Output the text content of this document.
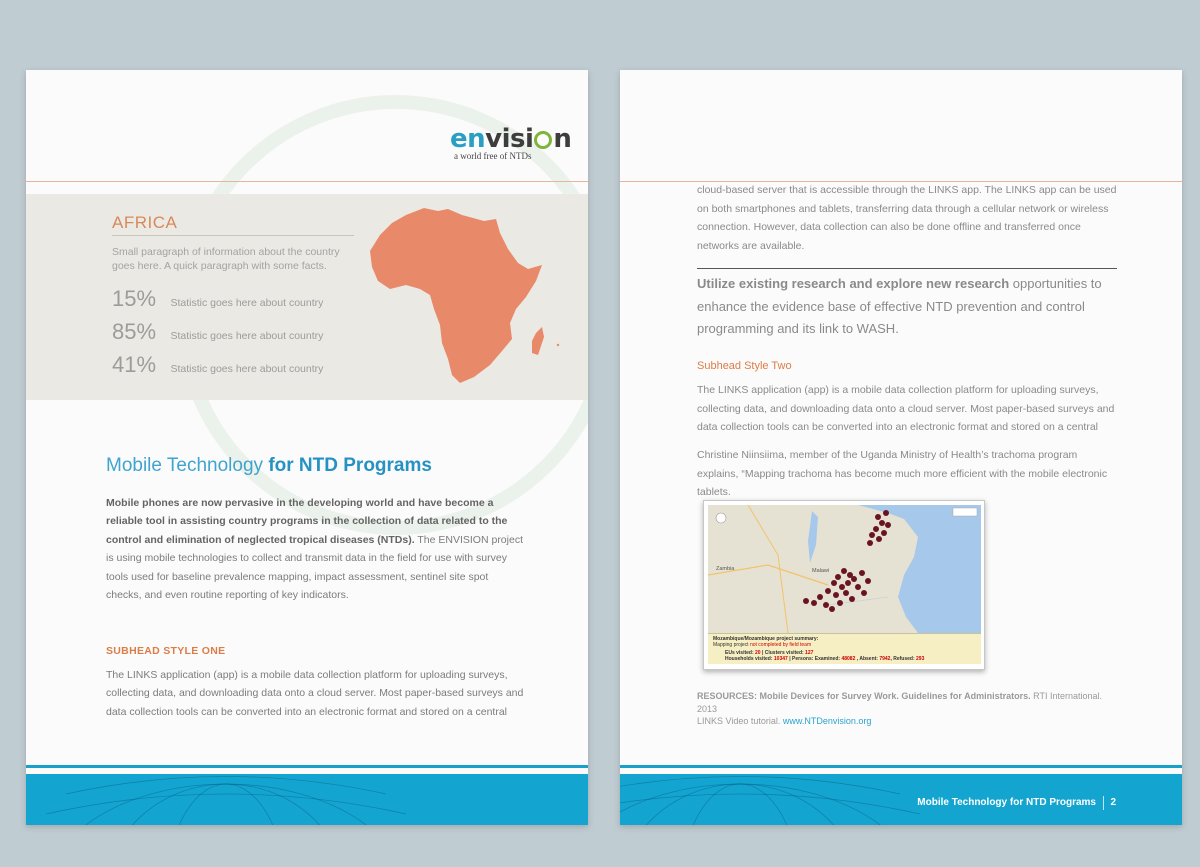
envisi n
a world free of NTDs
AFRICA
Small paragraph of information about the country goes here. A quick paragraph with some facts.
15% Statistic goes here about country
85% Statistic goes here about country
41% Statistic goes here about country
Mobile Technology for NTD Programs
Mobile phones are now pervasive in the developing world and have become a reliable tool in assisting country programs in the collection of data related to the control and elimination of neglected tropical diseases (NTDs). The ENVISION project is using mobile technologies to collect and transmit data in the field for use with survey tools used for baseline prevalence mapping, impact assessment, sentinel site spot checks, and even routine reporting of key indicators.
SUBHEAD STYLE ONE
The LINKS application (app) is a mobile data collection platform for uploading surveys, collecting data, and downloading data onto a cloud server. Most paper-based surveys and data collection tools can be converted into an electronic format and stored on a central
cloud-based server that is accessible through the LINKS app. The LINKS app can be used on both smartphones and tablets, transferring data through a cellular network or wireless connection. However, data collection can also be done offline and transferred once networks are available.
Utilize existing research and explore new research opportunities to enhance the evidence base of effective NTD prevention and control programming and its link to WASH.
Subhead Style Two
The LINKS application (app) is a mobile data collection platform for uploading surveys, collecting data, and downloading data onto a cloud server. Most paper-based surveys and data collection tools can be converted into an electronic format and stored on a central
Christine Niinsiima, member of the Uganda Ministry of Health’s trachoma program explains, “Mapping trachoma has become much more efficient with the mobile electronic tablets.
Zambia	Malawi
Mozambique/Mozambique project summary:
Mapping project not completed by field team
EUs visited: 20 | Clusters visited: 127
Households visited: 10347 | Persons: Examined: 48082 , Absent: 7942, Refused: 293
RESOURCES: Mobile Devices for Survey Work. Guidelines for Administrators. RTI International. 2013
LINKS Video tutorial. www.NTDenvision.org
Mobile Technology for NTD Programs 2
